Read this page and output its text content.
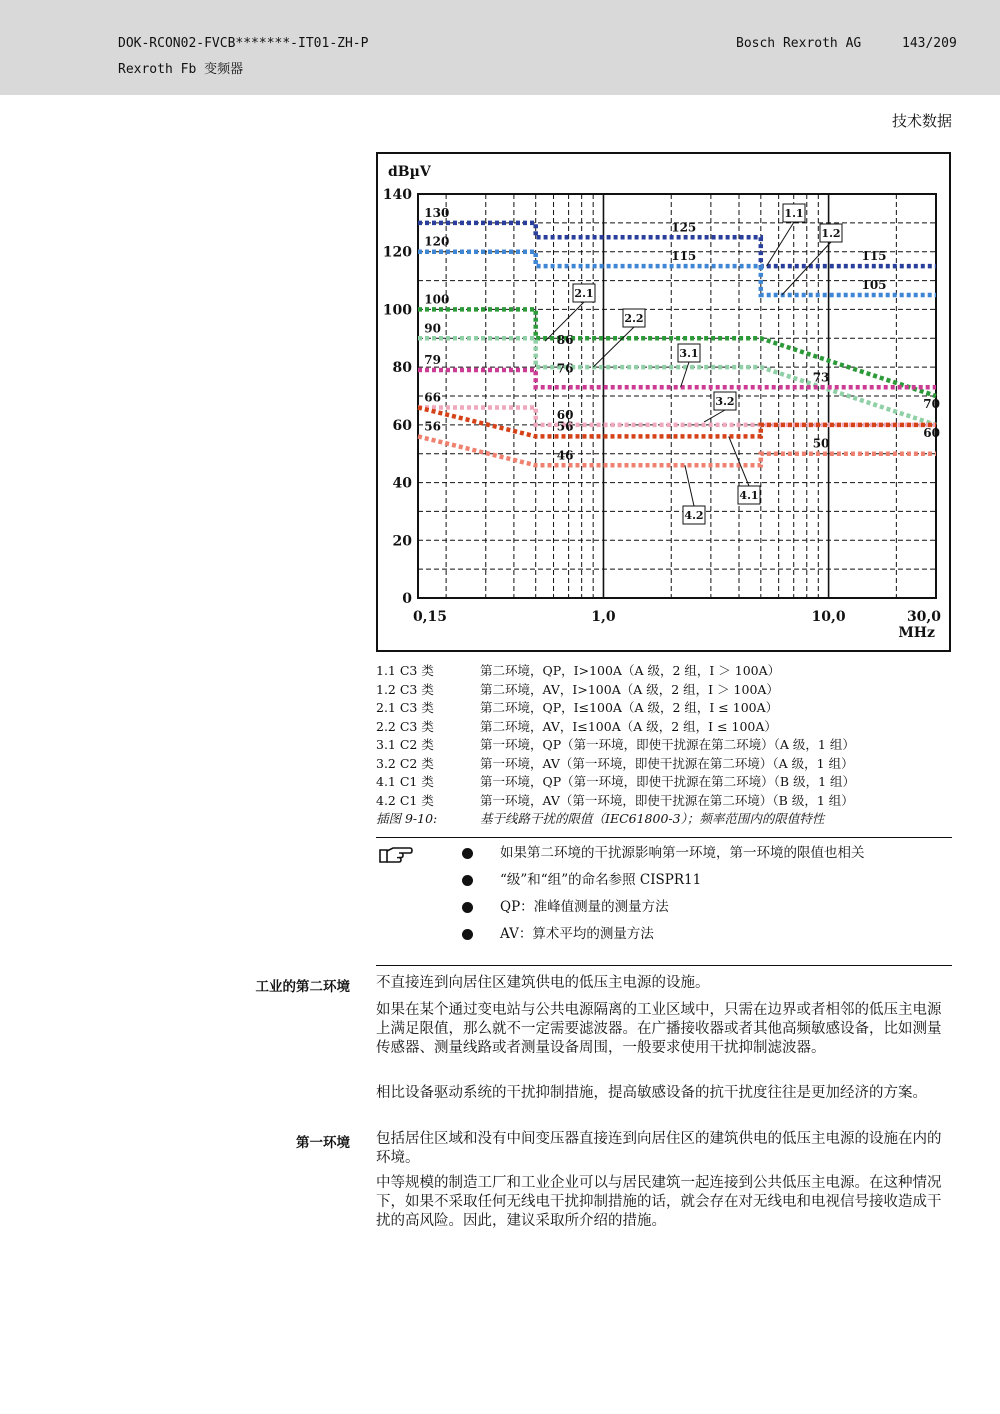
DOK-RCON02-FVCB*******-IT01-ZH-P
Rexroth Fb 变频器
Bosch Rexroth AG	143/209
技术数据
dBµV
MHz
0
20
40
60
80
100
120
140
0,15	1,0	10,0	30,0
130
120
125
115	115
105
100
90
86
76
79
73
66
60
56	56
46
50
70
60
1.1
1.2
2.1
2.2
3.1
3.2
4.1
4.2
1.1 C3 类	第二环境，QP，I>100A（A 级，2 组，I ＞ 100A）
1.2 C3 类	第二环境，AV，I>100A（A 级，2 组，I ＞ 100A）
2.1 C3 类	第二环境，QP，I≤100A（A 级，2 组，I ≤ 100A）
2.2 C3 类	第二环境，AV，I≤100A（A 级，2 组，I ≤ 100A）
3.1 C2 类	第一环境，QP（第一环境，即使干扰源在第二环境）（A 级，1 组）
3.2 C2 类	第一环境，AV（第一环境，即使干扰源在第二环境）（A 级，1 组）
4.1 C1 类	第一环境，QP（第一环境，即使干扰源在第二环境）（B 级，1 组）
4.2 C1 类	第一环境，AV（第一环境，即使干扰源在第二环境）（B 级，1 组）
插图 9-10:	基于线路干扰的限值（IEC61800-3）；频率范围内的限值特性
如果第二环境的干扰源影响第一环境，第一环境的限值也相关
“级”和“组”的命名参照 CISPR11
QP：准峰值测量的测量方法
AV：算术平均的测量方法
工业的第二环境 不直接连到向居住区建筑供电的低压主电源的设施。
如果在某个通过变电站与公共电源隔离的工业区域中，只需在边界或者相邻的低压主电源上满足限值，那么就不一定需要滤波器。在广播接收器或者其他高频敏感设备，比如测量传感器、测量线路或者测量设备周围，一般要求使用干扰抑制滤波器。
相比设备驱动系统的干扰抑制措施，提高敏感设备的抗干扰度往往是更加经济的方案。
第一环境 包括居住区域和没有中间变压器直接连到向居住区的建筑供电的低压主电源的设施在内的环境。
中等规模的制造工厂和工业企业可以与居民建筑一起连接到公共低压主电源。在这种情况下，如果不采取任何无线电干扰抑制措施的话，就会存在对无线电和电视信号接收造成干扰的高风险。因此，建议采取所介绍的措施。
